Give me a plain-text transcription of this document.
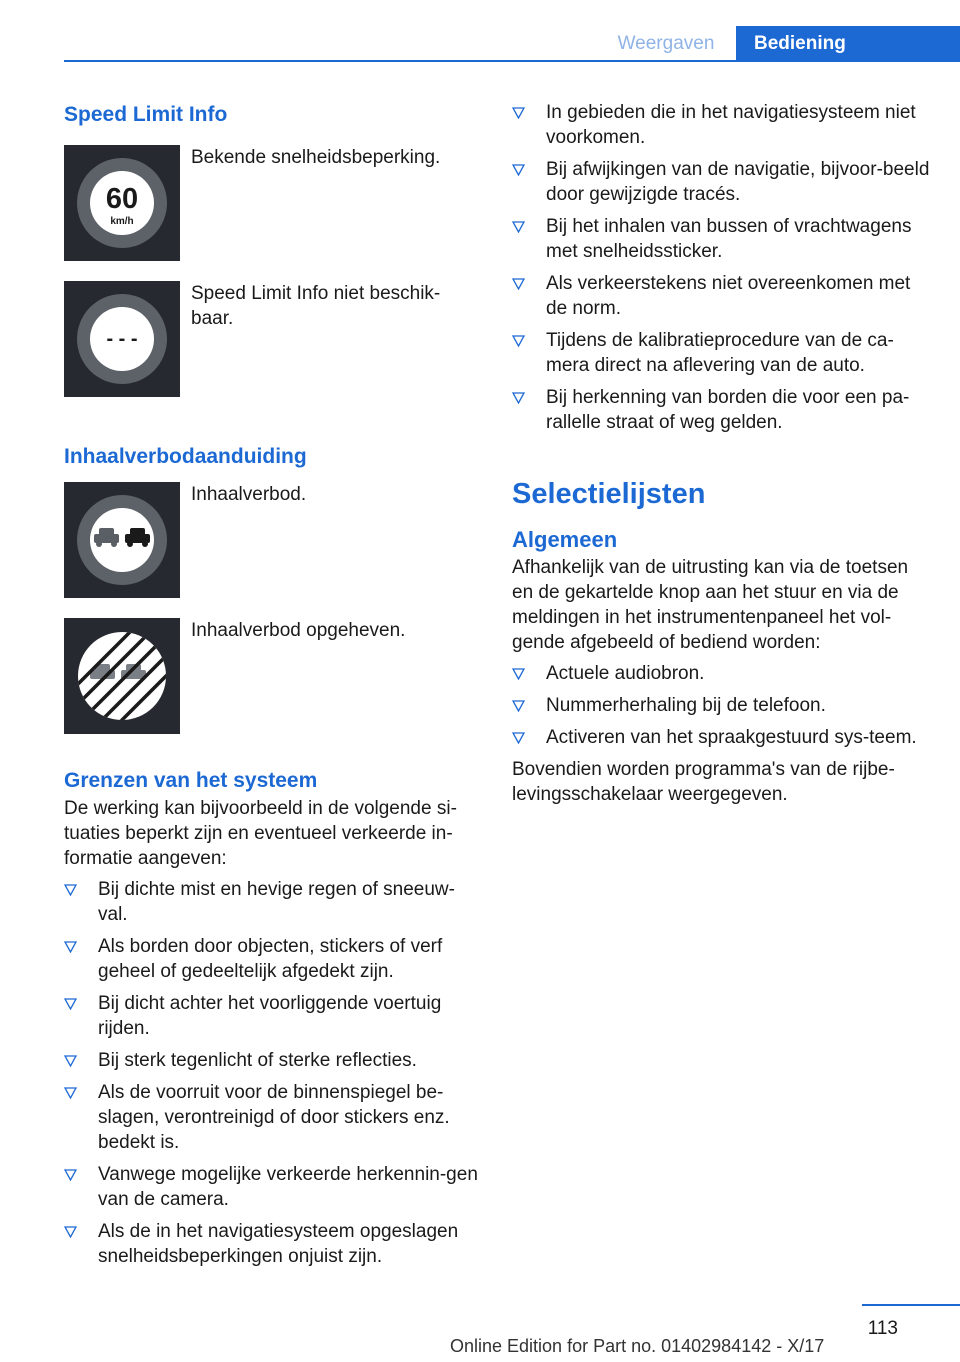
Weergaven	Bediening
Speed Limit Info
60
km/h

Bekende snelheidsbeperking.

- - -

Speed Limit Info niet beschik-baar.

Inhaalverbodaanduiding

Inhaalverbod.

Inhaalverbod opgeheven.

Grenzen van het systeem

De werking kan bijvoorbeeld in de volgende si-tuaties beperkt zijn en eventueel verkeerde in-formatie aangeven:

Bij dichte mist en hevige regen of sneeuw-val.
Als borden door objecten, stickers of verf geheel of gedeeltelijk afgedekt zijn.
Bij dicht achter het voorliggende voertuig rijden.
Bij sterk tegenlicht of sterke reflecties.
Als de voorruit voor de binnenspiegel be-slagen, verontreinigd of door stickers enz. bedekt is.
Vanwege mogelijke verkeerde herkennin-gen van de camera.
Als de in het navigatiesysteem opgeslagen snelheidsbeperkingen onjuist zijn.
In gebieden die in het navigatiesysteem niet voorkomen.
Bij afwijkingen van de navigatie, bijvoor-beeld door gewijzigde tracés.
Bij het inhalen van bussen of vrachtwagens met snelheidssticker.
Als verkeerstekens niet overeenkomen met de norm.
Tijdens de kalibratieprocedure van de ca-mera direct na aflevering van de auto.
Bij herkenning van borden die voor een pa-rallelle straat of weg gelden.
Selectielijsten
Algemeen

Afhankelijk van de uitrusting kan via de toetsen en de gekartelde knop aan het stuur en via de meldingen in het instrumentenpaneel het vol-gende afgebeeld of bediend worden:

Actuele audiobron.
Nummerherhaling bij de telefoon.
Activeren van het spraakgestuurd sys-teem.

Bovendien worden programma's van de rijbe-levingsschakelaar weergegeven.

113
Online Edition for Part no. 01402984142 - X/17
